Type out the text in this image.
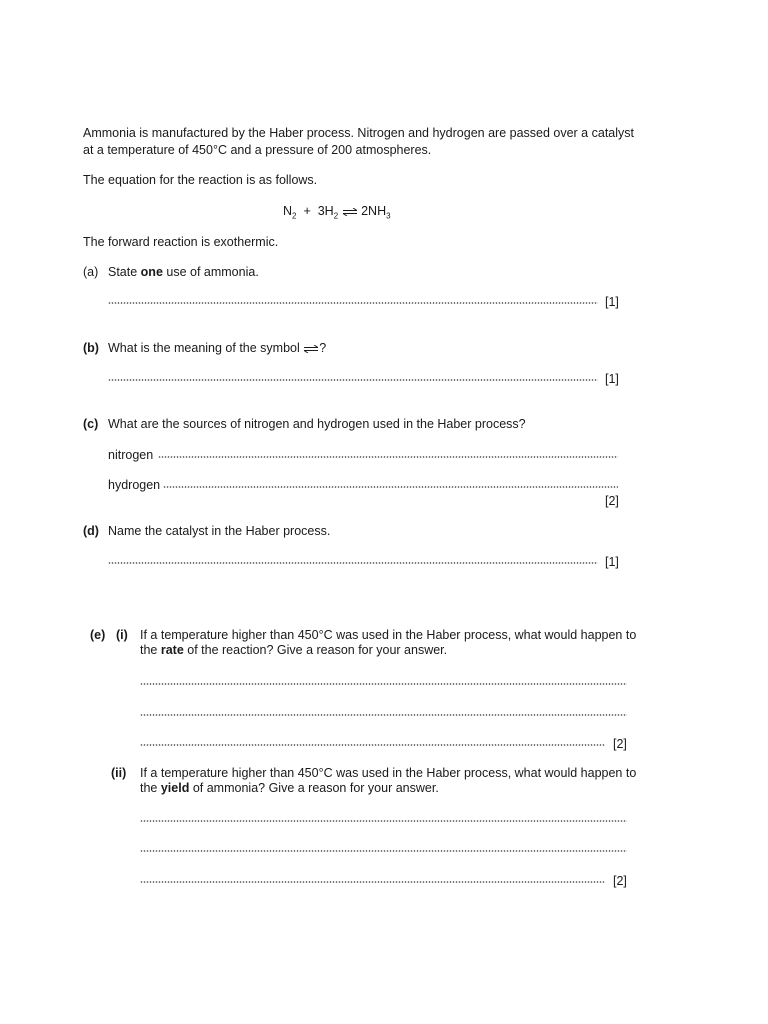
Ammonia is manufactured by the Haber process. Nitrogen and hydrogen are passed over a catalyst
at a temperature of 450°C and a pressure of 200 atmospheres.
The equation for the reaction is as follows.
$N_2 + 3H_2$ ⇌ $2NH_3$
The forward reaction is exothermic.
(a) State one use of ammonia.
[1]
(b) What is the meaning of the symbol ?
[1]
(c) What are the sources of nitrogen and hydrogen used in the Haber process?
nitrogen
hydrogen
[2]
(d) Name the catalyst in the Haber process.
[1]
(e) (i) If a temperature higher than 450°C was used in the Haber process, what would happen to
the rate of the reaction? Give a reason for your answer.
[2]
(ii) If a temperature higher than 450°C was used in the Haber process, what would happen to
the yield of ammonia? Give a reason for your answer.
[2]
